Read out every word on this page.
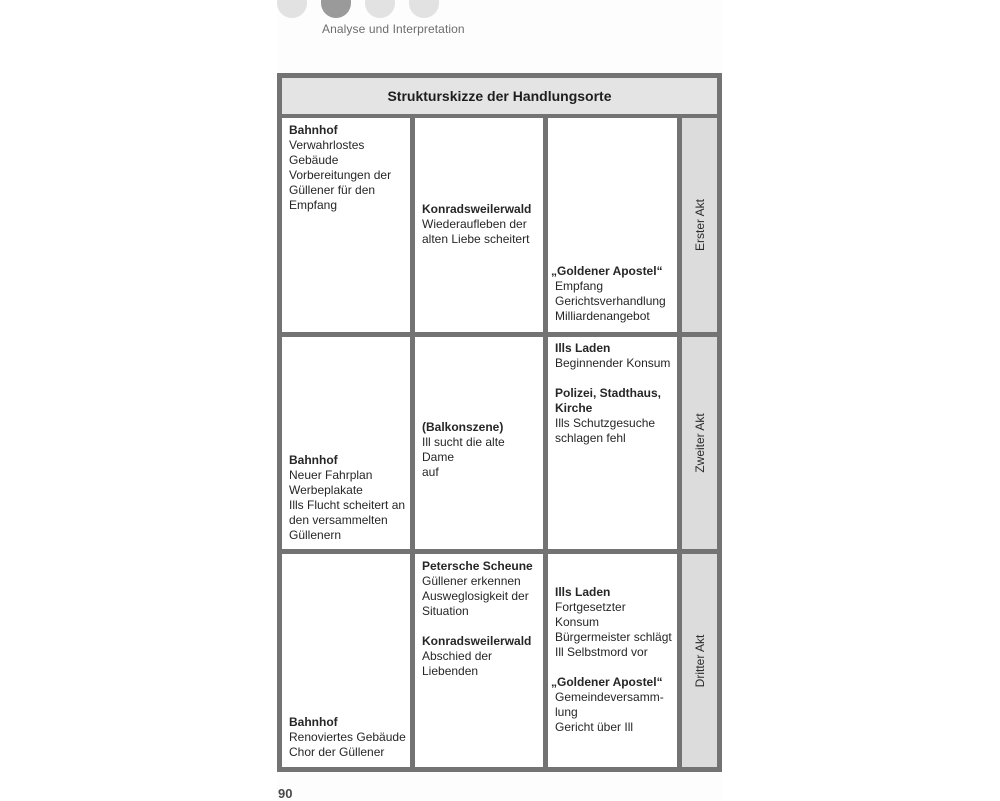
Analyse und Interpretation
Strukturskizze der Handlungsorte
Bahnhof
Verwahrlostes
Gebäude
Vorbereitungen der
Güllener für den
Empfang	Konradsweilerwald
Wiederaufleben der
alten Liebe scheitert
„Goldener Apostel“
Empfang
Gerichtsverhandlung
Milliardenangebot
Erster Akt
Bahnhof
Neuer Fahrplan
Werbeplakate
Ills Flucht scheitert an
den versammelten
Güllenern
(Balkonszene)
Ill sucht die alte Dame
auf
Ills Laden
Beginnender Konsum
Polizei, Stadthaus,
Kirche
Ills Schutzgesuche
schlagen fehl	Zweiter Akt
Bahnhof
Renoviertes Gebäude
Chor der Güllener
Petersche Scheune
Güllener erkennen
Ausweglosigkeit der
Situation
Konradsweilerwald
Abschied der
Liebenden
Ills Laden
Fortgesetzter Konsum
Bürgermeister schlägt
Ill Selbstmord vor
„Goldener Apostel“
Gemeindeversamm-
lung
Gericht über Ill
Dritter Akt
90
